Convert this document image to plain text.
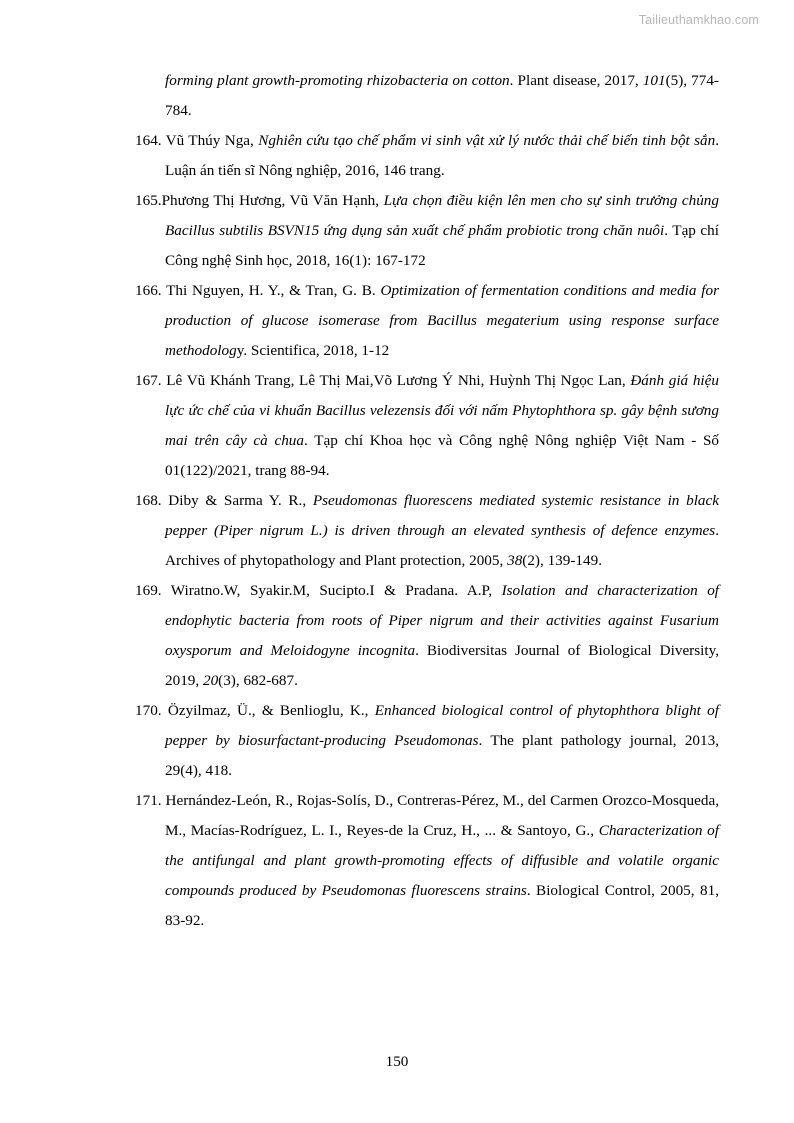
Tailieuthamkhao.com

forming plant growth-promoting rhizobacteria on cotton. Plant disease, 2017, 101(5), 774-784.

164. Vũ Thúy Nga, Nghiên cứu tạo chế phẩm vi sinh vật xử lý nước thải chế biến tinh bột sắn. Luận án tiến sĩ Nông nghiệp, 2016, 146 trang.

165.Phương Thị Hương, Vũ Văn Hạnh, Lựa chọn điều kiện lên men cho sự sinh trưởng chủng Bacillus subtilis BSVN15 ứng dụng sản xuất chế phẩm probiotic trong chăn nuôi. Tạp chí Công nghệ Sinh học, 2018, 16(1): 167-172

166. Thi Nguyen, H. Y., & Tran, G. B. Optimization of fermentation conditions and media for production of glucose isomerase from Bacillus megaterium using response surface methodology. Scientifica, 2018, 1-12

167. Lê Vũ Khánh Trang, Lê Thị Mai,Võ Lương Ý Nhi, Huỳnh Thị Ngọc Lan, Đánh giá hiệu lực ức chế của vi khuẩn Bacillus velezensis đối với nấm Phytophthora sp. gây bệnh sương mai trên cây cà chua. Tạp chí Khoa học và Công nghệ Nông nghiệp Việt Nam - Số 01(122)/2021, trang 88-94.

168. Diby & Sarma Y. R., Pseudomonas fluorescens mediated systemic resistance in black pepper (Piper nigrum L.) is driven through an elevated synthesis of defence enzymes. Archives of phytopathology and Plant protection, 2005, 38(2), 139-149.

169. Wiratno.W, Syakir.M, Sucipto.I & Pradana. A.P, Isolation and characterization of endophytic bacteria from roots of Piper nigrum and their activities against Fusarium oxysporum and Meloidogyne incognita. Biodiversitas Journal of Biological Diversity, 2019, 20(3), 682-687.

170. Özyilmaz, Ü., & Benlioglu, K., Enhanced biological control of phytophthora blight of pepper by biosurfactant-producing Pseudomonas. The plant pathology journal, 2013, 29(4), 418.

171. Hernández-León, R., Rojas-Solís, D., Contreras-Pérez, M., del Carmen Orozco-Mosqueda, M., Macías-Rodríguez, L. I., Reyes-de la Cruz, H., ... & Santoyo, G., Characterization of the antifungal and plant growth-promoting effects of diffusible and volatile organic compounds produced by Pseudomonas fluorescens strains. Biological Control, 2005, 81, 83-92.

150
